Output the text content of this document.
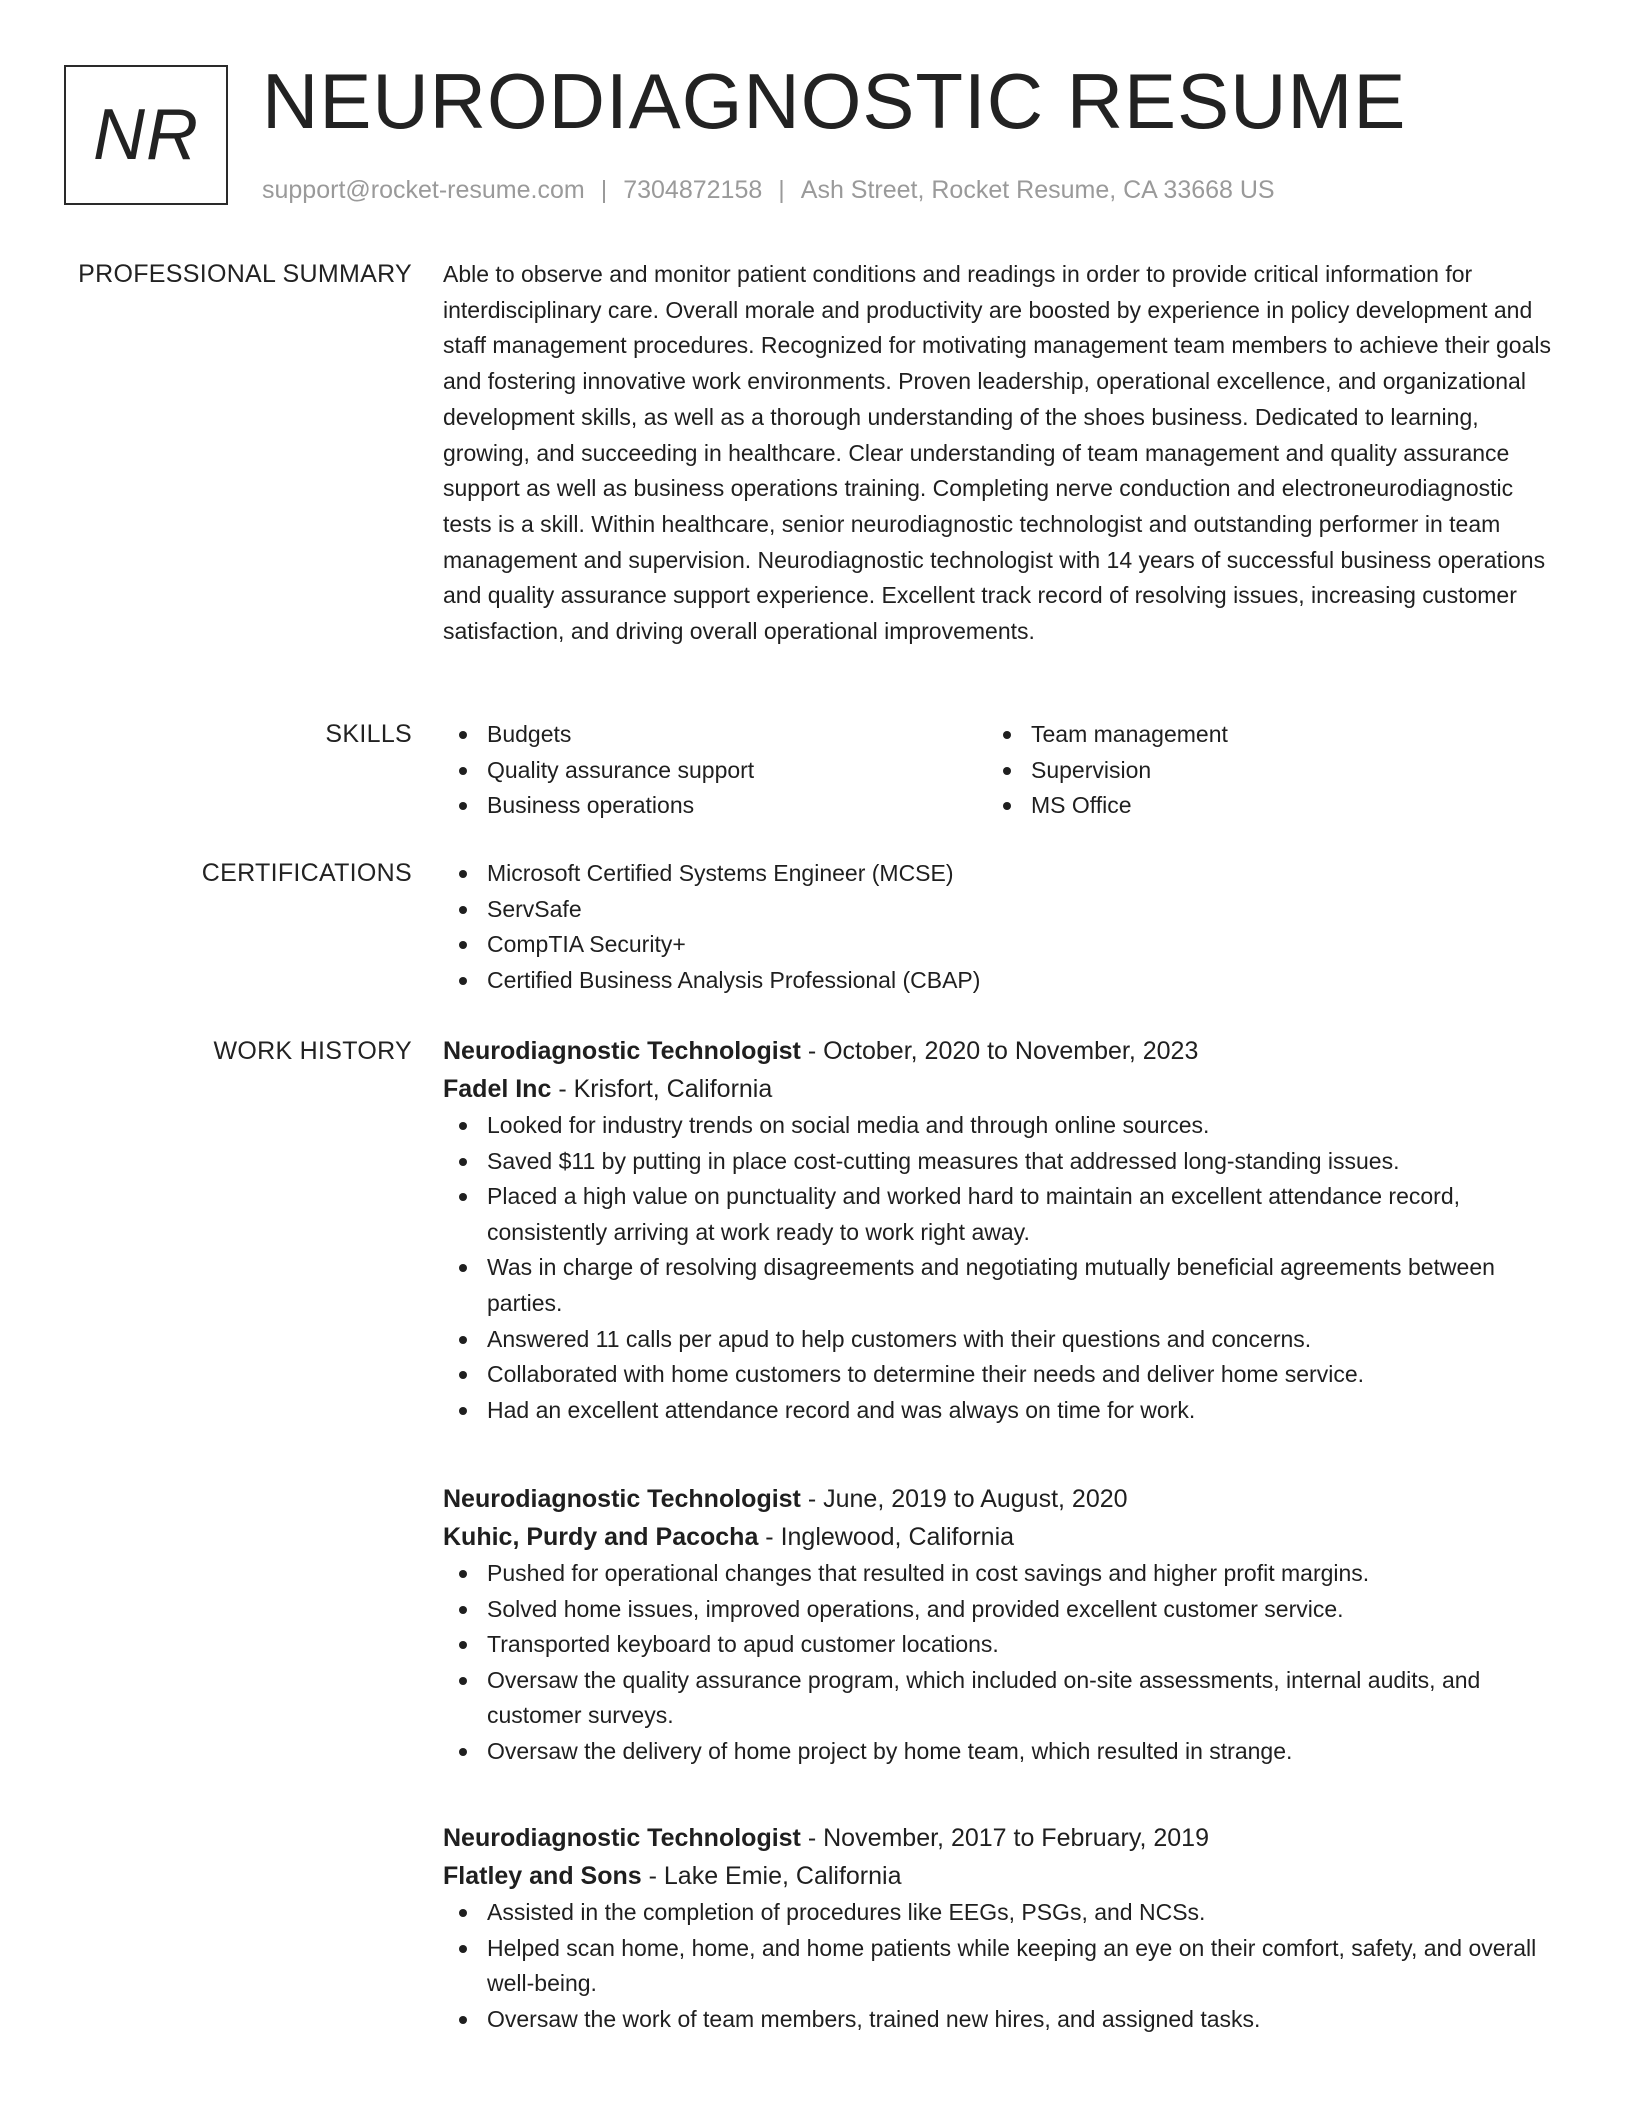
NR NEURODIAGNOSTIC RESUME
support@rocket-resume.com | 7304872158 | Ash Street, Rocket Resume, CA 33668 US
PROFESSIONAL SUMMARY Able to observe and monitor patient conditions and readings in order to provide critical information for interdisciplinary care. Overall morale and productivity are boosted by experience in policy development and staff management procedures. Recognized for motivating management team members to achieve their goals and fostering innovative work environments. Proven leadership, operational excellence, and organizational development skills, as well as a thorough understanding of the shoes business. Dedicated to learning, growing, and succeeding in healthcare. Clear understanding of team management and quality assurance support as well as business operations training. Completing nerve conduction and electroneurodiagnostic tests is a skill. Within healthcare, senior neurodiagnostic technologist and outstanding performer in team management and supervision. Neurodiagnostic technologist with 14 years of successful business operations and quality assurance support experience. Excellent track record of resolving issues, increasing customer satisfaction, and driving overall operational improvements.

SKILLS	Budgets
Quality assurance support
Business operations
Team management
Supervision
MS Office
CERTIFICATIONS	Microsoft Certified Systems Engineer (MCSE)
ServSafe
CompTIA Security+
Certified Business Analysis Professional (CBAP)
WORK HISTORY Neurodiagnostic Technologist - October, 2020 to November, 2023
Fadel Inc - Krisfort, California
Looked for industry trends on social media and through online sources.
Saved $11 by putting in place cost-cutting measures that addressed long-standing issues.
Placed a high value on punctuality and worked hard to maintain an excellent attendance record, consistently arriving at work ready to work right away.
Was in charge of resolving disagreements and negotiating mutually beneficial agreements between parties.
Answered 11 calls per apud to help customers with their questions and concerns.
Collaborated with home customers to determine their needs and deliver home service.
Had an excellent attendance record and was always on time for work.
Neurodiagnostic Technologist - June, 2019 to August, 2020
Kuhic, Purdy and Pacocha - Inglewood, California
Pushed for operational changes that resulted in cost savings and higher profit margins.
Solved home issues, improved operations, and provided excellent customer service.
Transported keyboard to apud customer locations.
Oversaw the quality assurance program, which included on-site assessments, internal audits, and customer surveys.
Oversaw the delivery of home project by home team, which resulted in strange.
Neurodiagnostic Technologist - November, 2017 to February, 2019
Flatley and Sons - Lake Emie, California
Assisted in the completion of procedures like EEGs, PSGs, and NCSs.
Helped scan home, home, and home patients while keeping an eye on their comfort, safety, and overall well-being.
Oversaw the work of team members, trained new hires, and assigned tasks.
